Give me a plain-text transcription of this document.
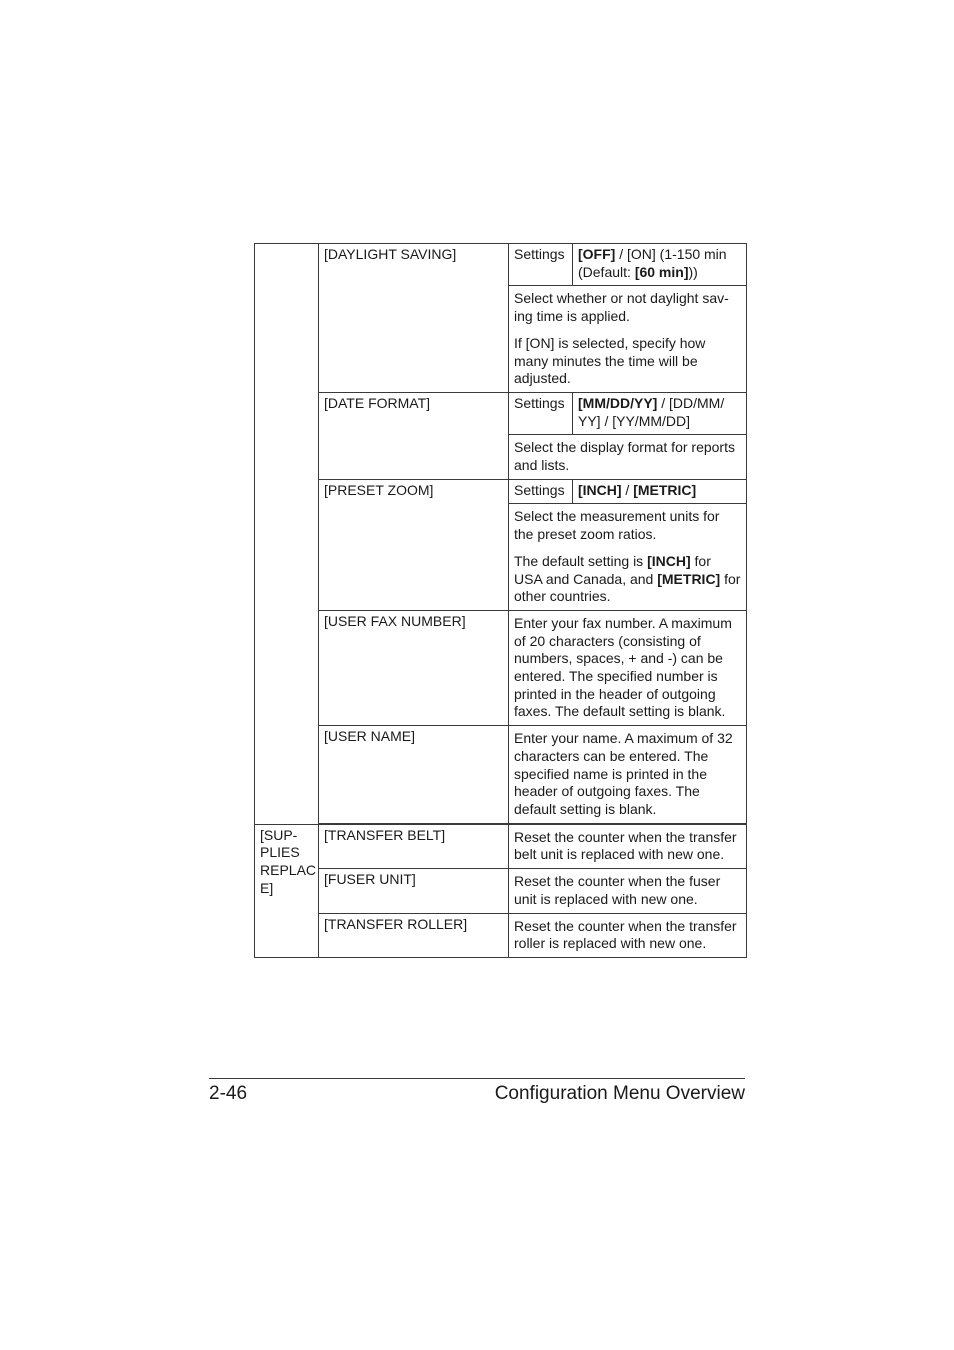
	[DAYLIGHT SAVING]	Settings	[OFF] / [ON] (1-150 min (Default: [60 min]))

		Select whether or not daylight sav-ing time is applied.

If [ON] is selected, specify how many minutes the time will be adjusted.	

	[DATE FORMAT]	Settings	[MM/DD/YY] / [DD/MM/ YY] / [YY/MM/DD]

		Select the display format for reports and lists.	

	[PRESET ZOOM]	Settings	[INCH] / [METRIC]

		Select the measurement units for the preset zoom ratios.

The default setting is [INCH] for USA and Canada, and [METRIC] for other countries.	

	[USER FAX NUMBER]	Enter your fax number. A maximum of 20 characters (consisting of numbers, spaces, + and -) can be entered. The specified number is printed in the header of outgoing faxes. The default setting is blank.	

	[USER NAME]	Enter your name. A maximum of 32 characters can be entered. The specified name is printed in the header of outgoing faxes. The default setting is blank.	

[SUP-PLIES REPLAC E]	[TRANSFER BELT]	Reset the counter when the transfer belt unit is replaced with new one.	

	[FUSER UNIT]	Reset the counter when the fuser unit is replaced with new one.	

	[TRANSFER ROLLER]	Reset the counter when the transfer roller is replaced with new one.	

2-46	Configuration Menu Overview
